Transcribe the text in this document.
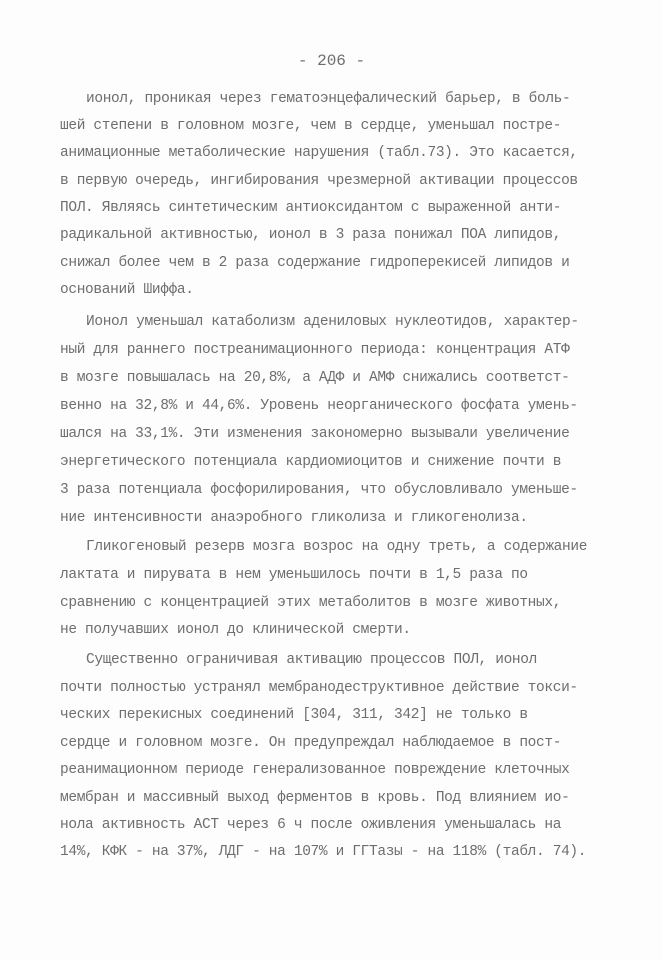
- 206 -
ионол, проникая через гематоэнцефалический барьер, в боль-
шей степени в головном мозге, чем в сердце, уменьшал постре-
анимационные метаболические нарушения (табл.73). Это касается,
в первую очередь, ингибирования чрезмерной активации процессов
ПОЛ. Являясь синтетическим антиоксидантом с выраженной анти-
радикальной активностью, ионол в 3 раза понижал ПОА липидов,
снижал более чем в 2 раза содержание гидроперекисей липидов и
оснований Шиффа.
Ионол уменьшал катаболизм адениловых нуклеотидов, характер-
ный для раннего постреанимационного периода: концентрация АТФ
в мозге повышалась на 20,8%, а АДФ и АМФ снижались соответст-
венно на 32,8% и 44,6%. Уровень неорганического фосфата умень-
шался на 33,1%. Эти изменения закономерно вызывали увеличение
энергетического потенциала кардиомиоцитов и снижение почти в
3 раза потенциала фосфорилирования, что обусловливало уменьше-
ние интенсивности анаэробного гликолиза и гликогенолиза.
Гликогеновый резерв мозга возрос на одну треть, а содержание
лактата и пирувата в нем уменьшилось почти в 1,5 раза по
сравнению с концентрацией этих метаболитов в мозге животных,
не получавших ионол до клинической смерти.
Существенно ограничивая активацию процессов ПОЛ, ионол
почти полностью устранял мембранодеструктивное действие токси-
ческих перекисных соединений [304, 311, 342] не только в
сердце и головном мозге. Он предупреждал наблюдаемое в пост-
реанимационном периоде генерализованное повреждение клеточных
мембран и массивный выход ферментов в кровь. Под влиянием ио-
нола активность АСТ через 6 ч после оживления уменьшалась на
14%, КФК - на 37%, ЛДГ - на 107% и ГГТазы - на 118% (табл. 74).
